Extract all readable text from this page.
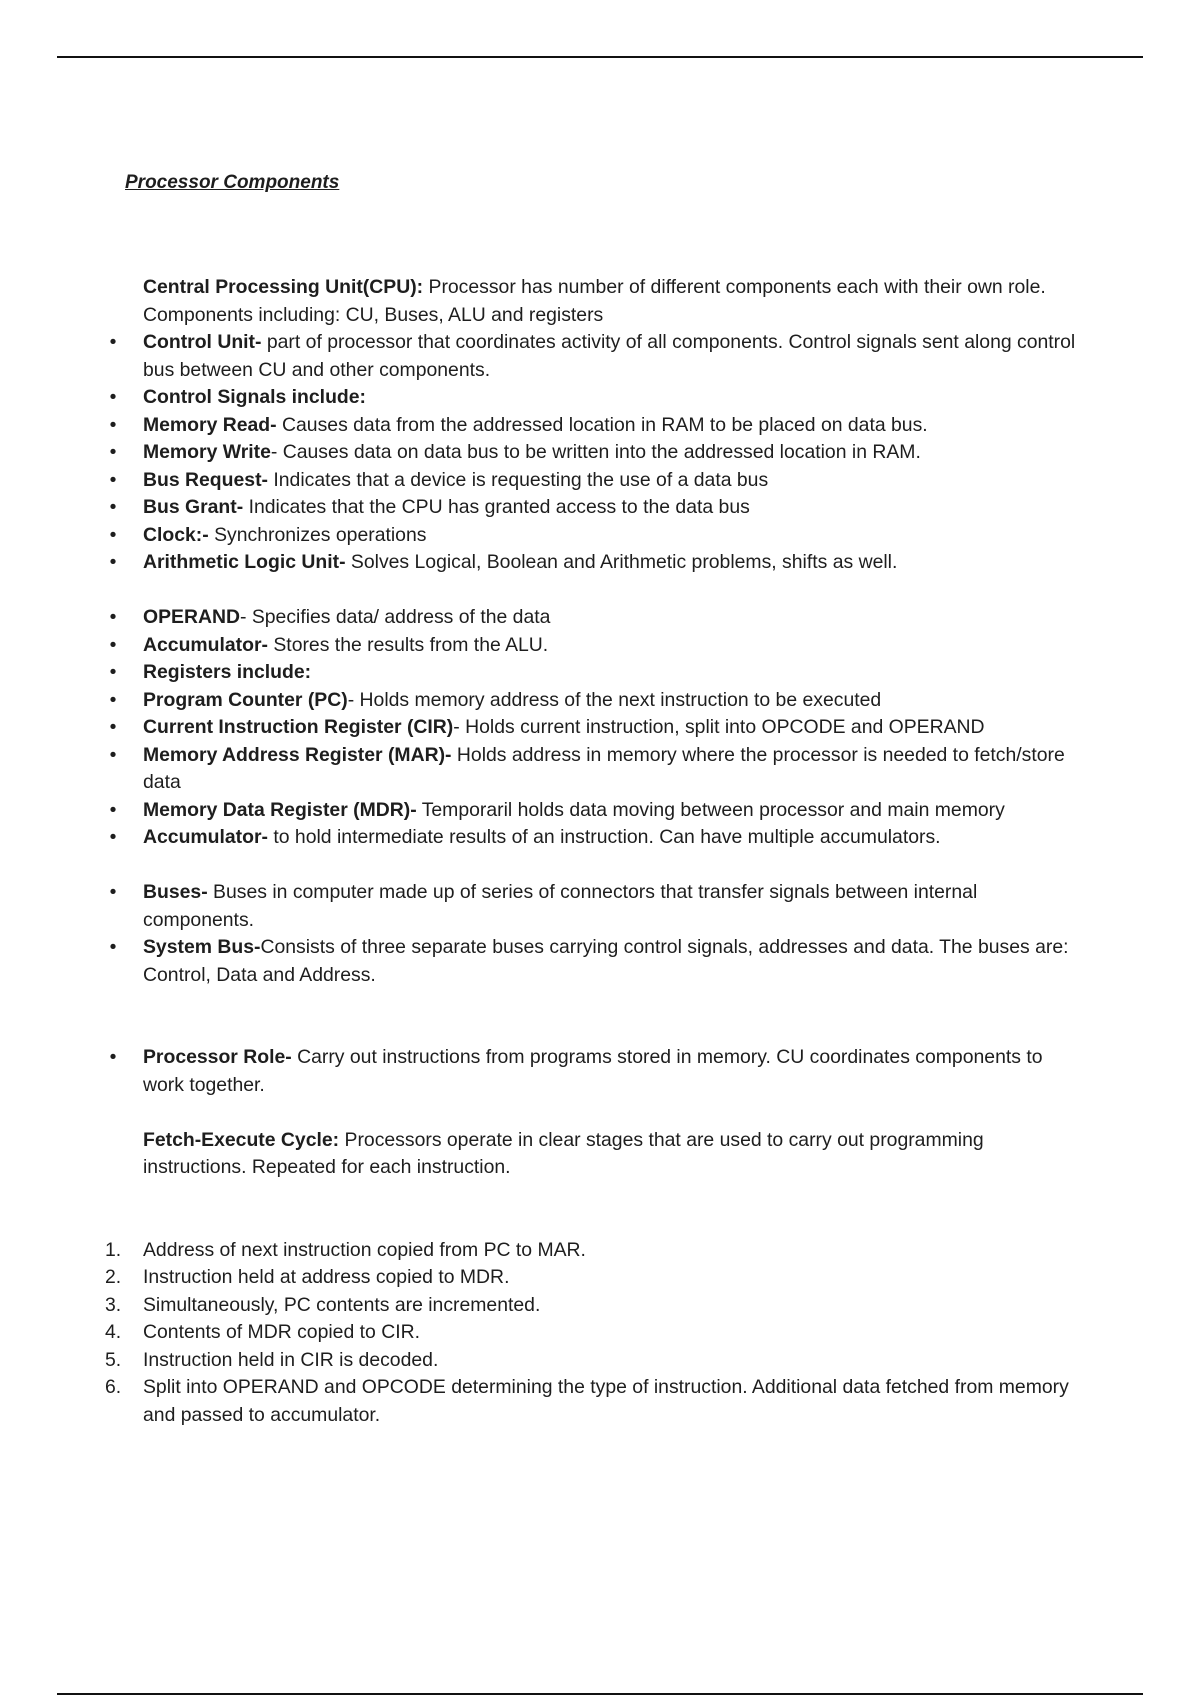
Processor Components

Central Processing Unit(CPU): Processor has number of different components each with their own role. Components including: CU, Buses, ALU and registers

• Control Unit- part of processor that coordinates activity of all components. Control signals sent along control bus between CU and other components.
• Control Signals include:
• Memory Read- Causes data from the addressed location in RAM to be placed on data bus.
• Memory Write- Causes data on data bus to be written into the addressed location in RAM.
• Bus Request- Indicates that a device is requesting the use of a data bus
• Bus Grant- Indicates that the CPU has granted access to the data bus
• Clock:- Synchronizes operations
• Arithmetic Logic Unit- Solves Logical, Boolean and Arithmetic problems, shifts as well.
• OPERAND- Specifies data/ address of the data
• Accumulator- Stores the results from the ALU.
• Registers include:
• Program Counter (PC)- Holds memory address of the next instruction to be executed
• Current Instruction Register (CIR)- Holds current instruction, split into OPCODE and OPERAND
• Memory Address Register (MAR)- Holds address in memory where the processor is needed to fetch/store data
• Memory Data Register (MDR)- Temporaril holds data moving between processor and main memory
• Accumulator- to hold intermediate results of an instruction. Can have multiple accumulators.
• Buses- Buses in computer made up of series of connectors that transfer signals between internal components.
• System Bus-Consists of three separate buses carrying control signals, addresses and data. The buses are: Control, Data and Address.
• Processor Role- Carry out instructions from programs stored in memory. CU coordinates components to work together.

Fetch-Execute Cycle: Processors operate in clear stages that are used to carry out programming instructions. Repeated for each instruction.

1.	Address of next instruction copied from PC to MAR.
2.	Instruction held at address copied to MDR.
3.	Simultaneously, PC contents are incremented.
4.	Contents of MDR copied to CIR.
5.	Instruction held in CIR is decoded.
6.	Split into OPERAND and OPCODE determining the type of instruction. Additional data fetched from memory and passed to accumulator.
